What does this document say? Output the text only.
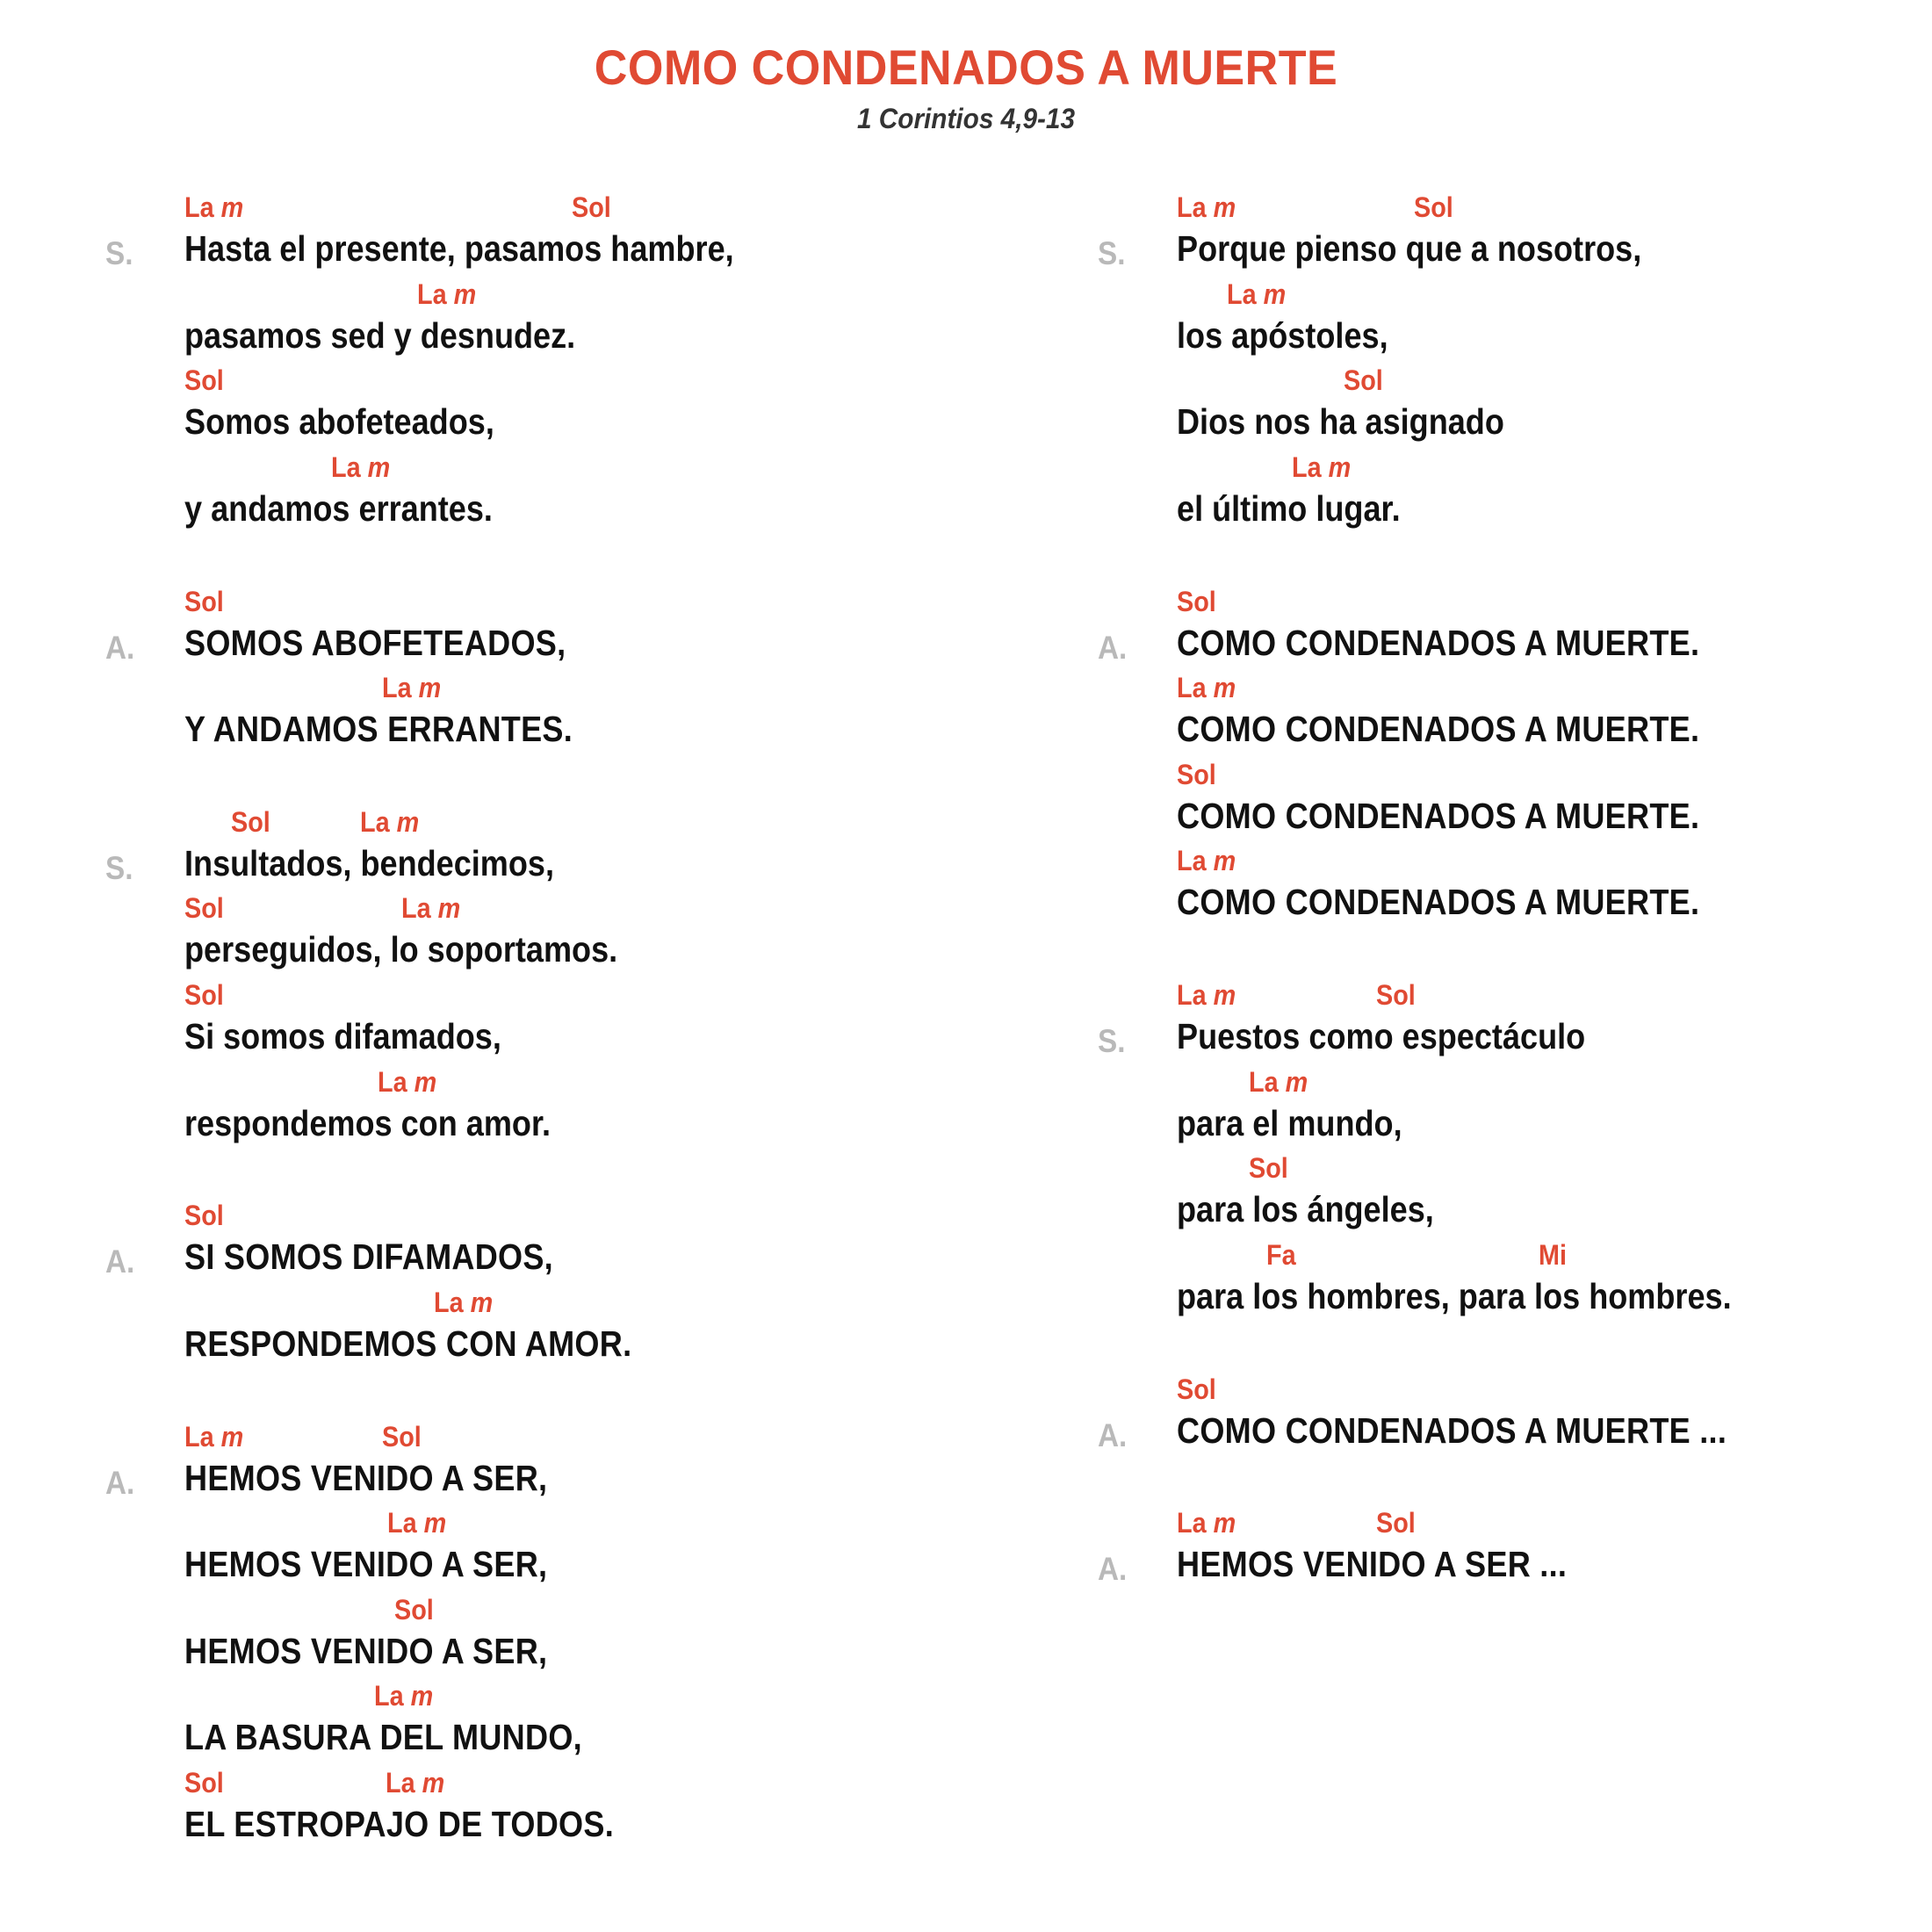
COMO CONDENADOS A MUERTE

1 Corintios 4,9-13

S.
La m	Sol
Hasta el presente, pasamos hambre,
La m
pasamos sed y desnudez.
Sol
Somos abofeteados,
La m
y andamos errantes.
A.
Sol
SOMOS ABOFETEADOS,
La m
Y ANDAMOS ERRANTES.
S.
Sol	La m
Insultados, bendecimos,
Sol	La m
perseguidos, lo soportamos.
Sol
Si somos difamados,
La m
respondemos con amor.
A.
Sol
SI SOMOS DIFAMADOS,
La m
RESPONDEMOS CON AMOR.
A.
La m	Sol
HEMOS VENIDO A SER,
La m
HEMOS VENIDO A SER,
Sol
HEMOS VENIDO A SER,
La m
LA BASURA DEL MUNDO,
Sol	La m
EL ESTROPAJO DE TODOS.
S.
La m	Sol
Porque pienso que a nosotros,
La m
los apóstoles,
Sol
Dios nos ha asignado
La m
el último lugar.
A.
Sol
COMO CONDENADOS A MUERTE.
La m
COMO CONDENADOS A MUERTE.
Sol
COMO CONDENADOS A MUERTE.
La m
COMO CONDENADOS A MUERTE.
S.
La m	Sol
Puestos como espectáculo
La m
para el mundo,
Sol
para los ángeles,
Fa	Mi
para los hombres, para los hombres.
A.
Sol
COMO CONDENADOS A MUERTE ...
A.
La m	Sol
HEMOS VENIDO A SER ...
